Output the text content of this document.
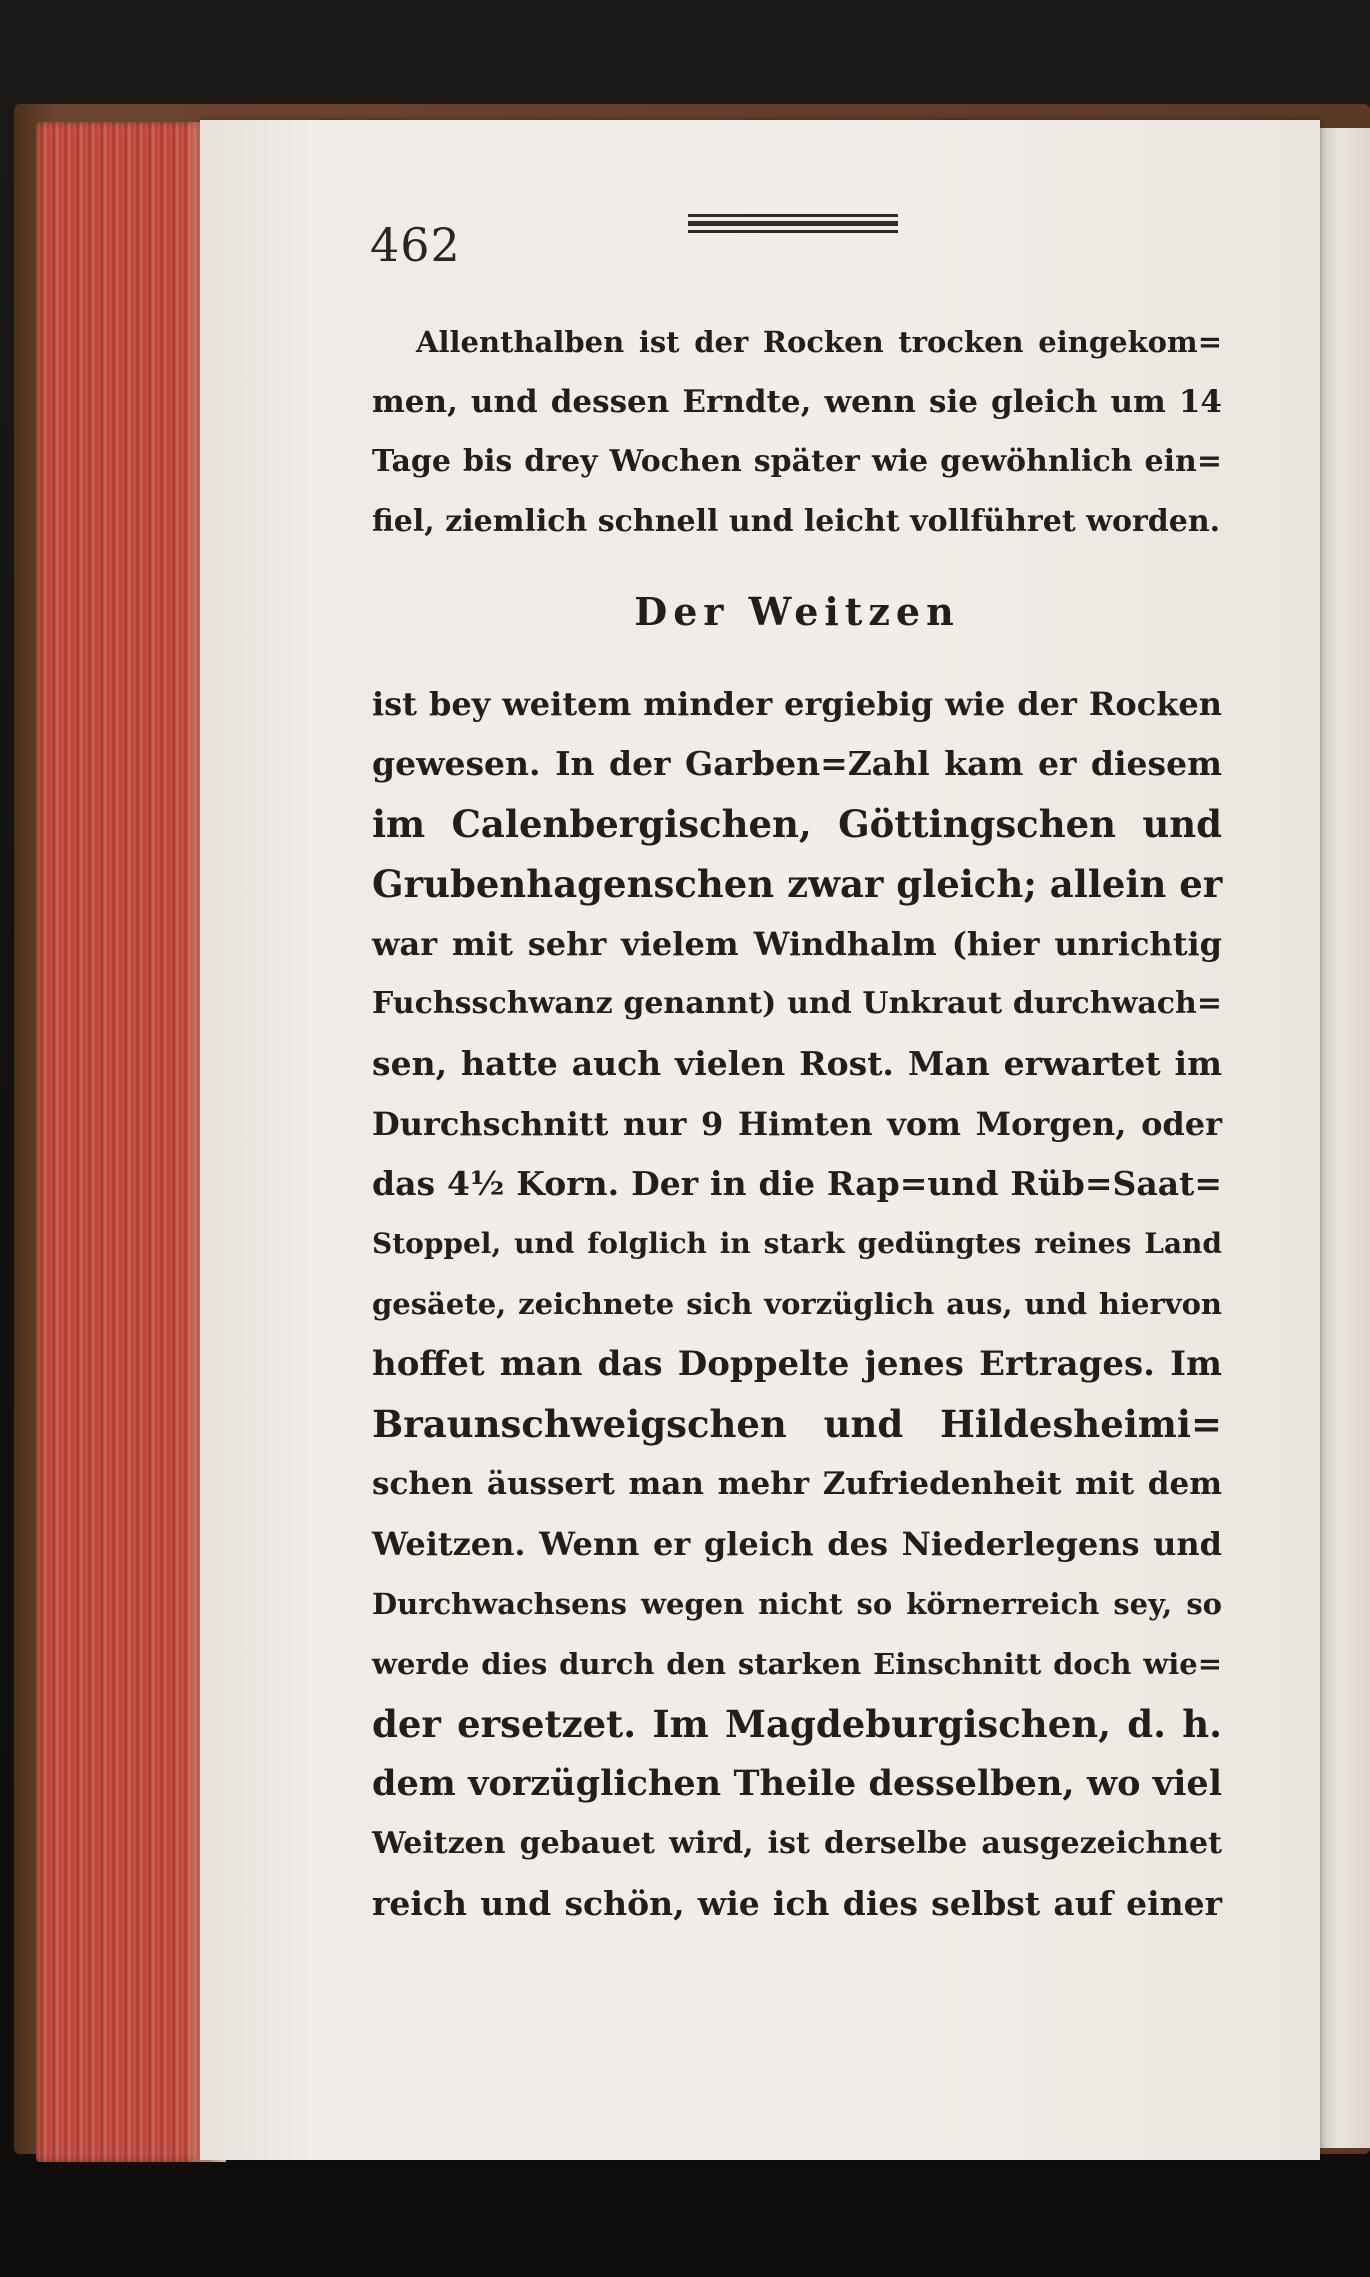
462
Allenthalben ist der Rocken trocken eingekom=
men, und dessen Erndte, wenn sie gleich um 14
Tage bis drey Wochen später wie gewöhnlich ein=
fiel, ziemlich schnell und leicht vollführet worden.
Der Weitzen
ist bey weitem minder ergiebig wie der Rocken
gewesen. In der Garben=Zahl kam er diesem
im Calenbergischen, Göttingschen und
Grubenhagenschen zwar gleich; allein er
war mit sehr vielem Windhalm (hier unrichtig
Fuchsschwanz genannt) und Unkraut durchwach=
sen, hatte auch vielen Rost. Man erwartet im
Durchschnitt nur 9 Himten vom Morgen, oder
das 4½ Korn. Der in die Rap=und Rüb=Saat=
Stoppel, und folglich in stark gedüngtes reines Land
gesäete, zeichnete sich vorzüglich aus, und hiervon
hoffet man das Doppelte jenes Ertrages. Im
Braunschweigschen und Hildesheimi=
schen äussert man mehr Zufriedenheit mit dem
Weitzen. Wenn er gleich des Niederlegens und
Durchwachsens wegen nicht so körnerreich sey, so
werde dies durch den starken Einschnitt doch wie=
der ersetzet. Im Magdeburgischen, d. h.
dem vorzüglichen Theile desselben, wo viel
Weitzen gebauet wird, ist derselbe ausgezeichnet
reich und schön, wie ich dies selbst auf einer
